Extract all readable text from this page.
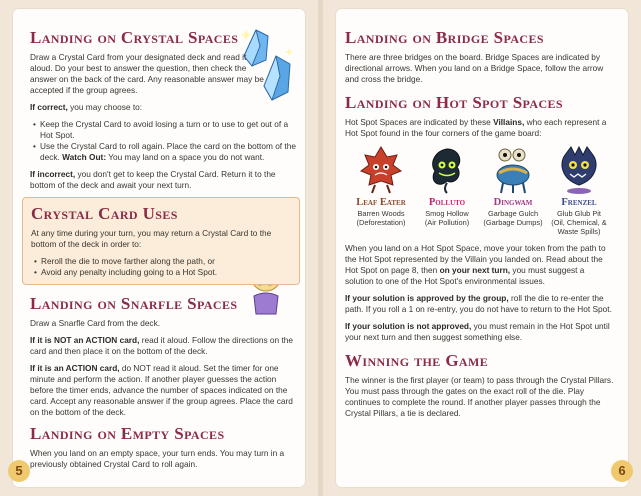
Landing on Crystal Spaces

Draw a Crystal Card from your designated deck and read it aloud. Do your best to answer the question, then check the answer on the back of the card. Any reasonable answer may be accepted if the group agrees.

If correct, you may choose to:

• Keep the Crystal Card to avoid losing a turn or to use to get out of a Hot Spot.
• Use the Crystal Card to roll again. Place the card on the bottom of the deck. Watch Out: You may land on a space you do not want.

If incorrect, you don't get to keep the Crystal Card. Return it to the bottom of the deck and await your next turn.

Crystal Card Uses

At any time during your turn, you may return a Crystal Card to the bottom of the deck in order to:

• Reroll the die to move farther along the path, or
• Avoid any penalty including going to a Hot Spot.
Landing on Snarfle Spaces

Draw a Snarfle Card from the deck.

If it is NOT an ACTION card, read it aloud. Follow the directions on the card and then place it on the bottom of the deck.

If it is an ACTION card, do NOT read it aloud. Set the timer for one minute and perform the action. If another player guesses the action before the timer ends, advance the number of spaces indicated on the card. Accept any reasonable answer if the group agrees. Place the card on the bottom of the deck.

Landing on Empty Spaces

When you land on an empty space, your turn ends. You may turn in a previously obtained Crystal Card to roll again.

5
Landing on Bridge Spaces

There are three bridges on the board. Bridge Spaces are indicated by directional arrows. When you land on a Bridge Space, follow the arrow and cross the bridge.

Landing on Hot Spot Spaces

Hot Spot Spaces are indicated by these Villains, who each represent a Hot Spot found in the four corners of the game board:

Leaf Eater
Barren Woods
(Deforestation)
Polluto
Smog Hollow
(Air Pollution)
Dingwam
Garbage Gulch
(Garbage Dumps)
Frenzel
Glub Glub Pit
(Oil, Chemical, & Waste Spills)

When you land on a Hot Spot Space, move your token from the path to the Hot Spot represented by the Villain you landed on. Read about the Hot Spot on page 8, then on your next turn, you must suggest a solution to one of the Hot Spot's environmental issues.

If your solution is approved by the group, roll the die to re-enter the path. If you roll a 1 on re-entry, you do not have to return to the Hot Spot.

If your solution is not approved, you must remain in the Hot Spot until your next turn and then suggest something else.

Winning the Game

The winner is the first player (or team) to pass through the Crystal Pillars. You must pass through the gates on the exact roll of the die. Play continues to complete the round. If another player passes through the Crystal Pillars, a tie is declared.

6
